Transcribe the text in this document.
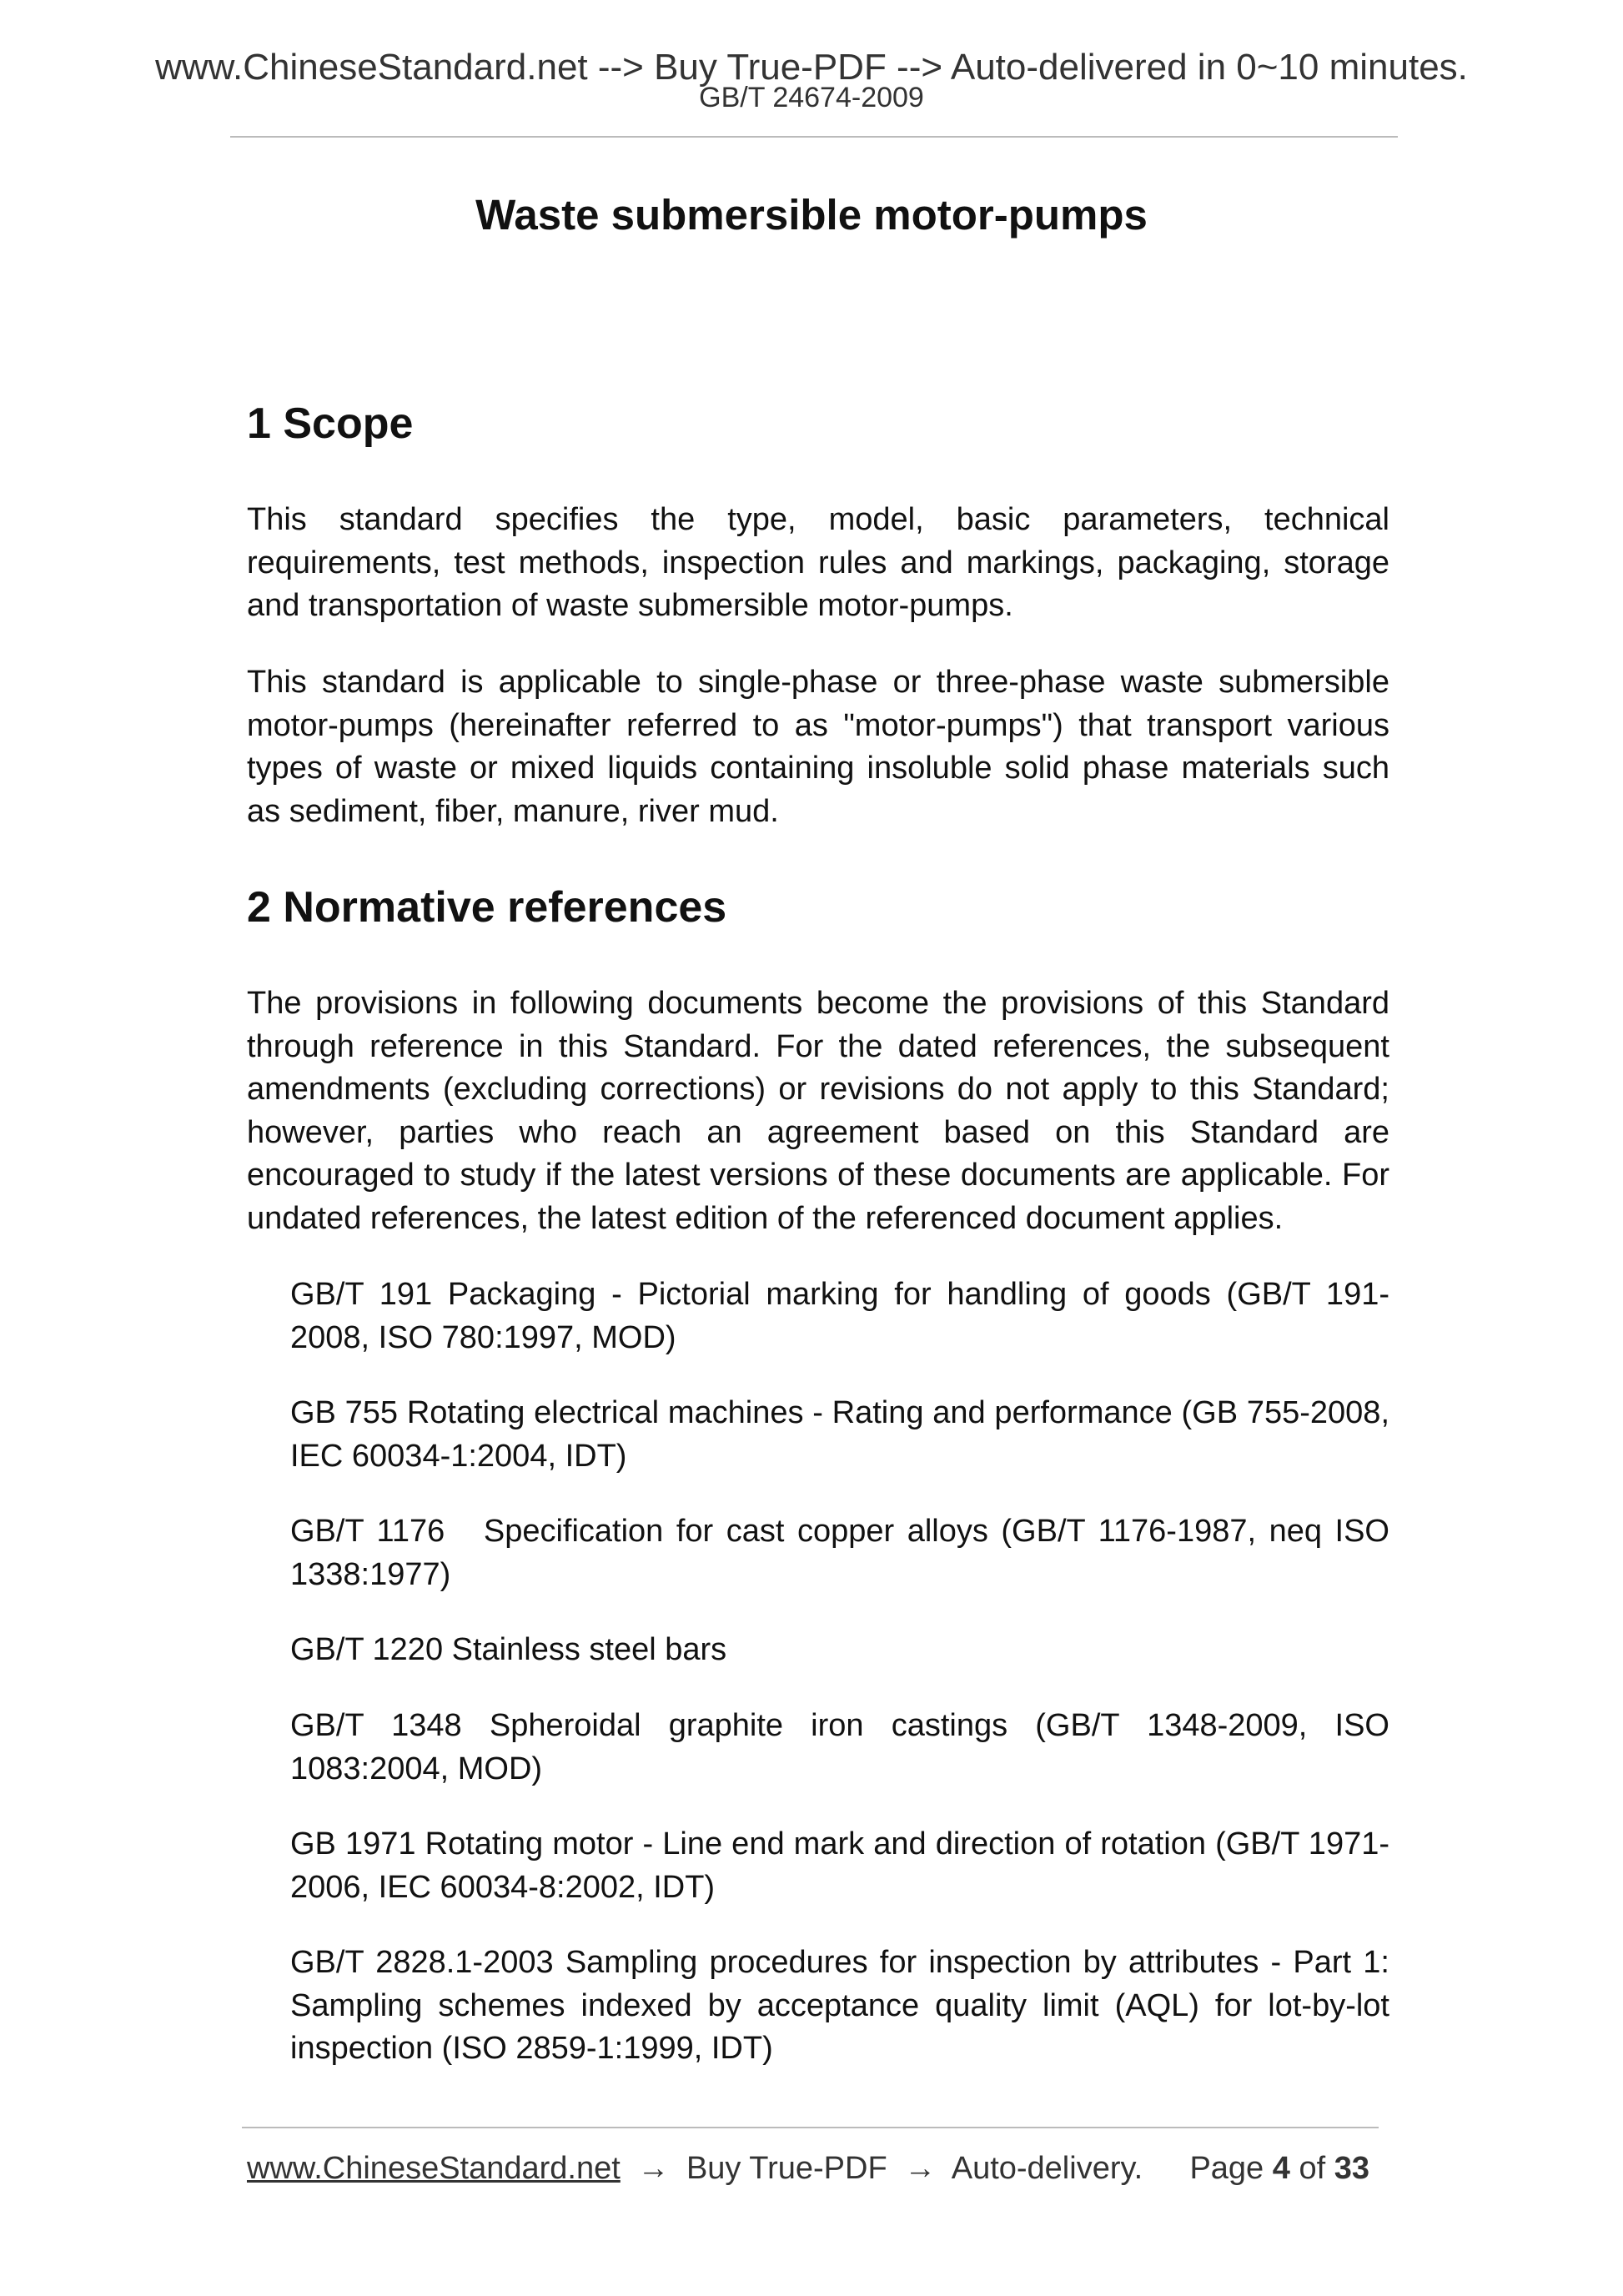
www.ChineseStandard.net --> Buy True-PDF --> Auto-delivered in 0~10 minutes.
GB/T 24674-2009
Waste submersible motor-pumps
1 Scope

This standard specifies the type, model, basic parameters, technical requirements, test methods, inspection rules and markings, packaging, storage and transportation of waste submersible motor-pumps.

This standard is applicable to single-phase or three-phase waste submersible motor-pumps (hereinafter referred to as "motor-pumps") that transport various types of waste or mixed liquids containing insoluble solid phase materials such as sediment, fiber, manure, river mud.

2 Normative references

The provisions in following documents become the provisions of this Standard through reference in this Standard. For the dated references, the subsequent amendments (excluding corrections) or revisions do not apply to this Standard; however, parties who reach an agreement based on this Standard are encouraged to study if the latest versions of these documents are applicable. For undated references, the latest edition of the referenced document applies.

GB/T 191 Packaging - Pictorial marking for handling of goods (GB/T 191-2008, ISO 780:1997, MOD)

GB 755 Rotating electrical machines - Rating and performance (GB 755-2008, IEC 60034-1:2004, IDT)

GB/T 1176   Specification for cast copper alloys (GB/T 1176-1987, neq ISO 1338:1977)

GB/T 1220 Stainless steel bars

GB/T 1348 Spheroidal graphite iron castings (GB/T 1348-2009, ISO 1083:2004, MOD)

GB 1971 Rotating motor - Line end mark and direction of rotation (GB/T 1971-2006, IEC 60034-8:2002, IDT)

GB/T 2828.1-2003 Sampling procedures for inspection by attributes - Part 1: Sampling schemes indexed by acceptance quality limit (AQL) for lot-by-lot inspection (ISO 2859-1:1999, IDT)

www.ChineseStandard.net → Buy True-PDF → Auto-delivery. Page 4 of 33
